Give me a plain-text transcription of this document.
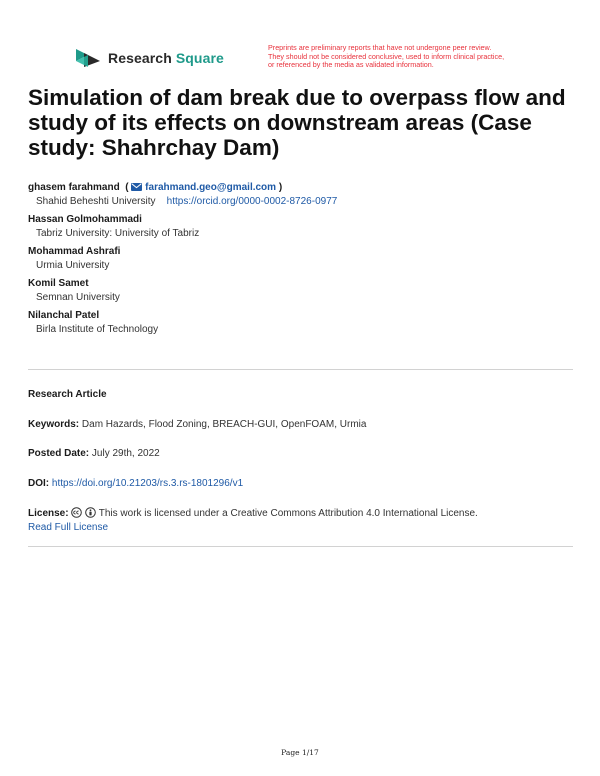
Research Square
Preprints are preliminary reports that have not undergone peer review.
They should not be considered conclusive, used to inform clinical practice,
or referenced by the media as validated information.
Simulation of dam break due to overpass flow and study of its effects on downstream areas (Case study: Shahrchay Dam)
ghasem farahmand ( farahmand.geo@gmail.com )
Shahid Beheshti University https://orcid.org/0000-0002-8726-0977
Hassan Golmohammadi
Tabriz University: University of Tabriz
Mohammad Ashrafi
Urmia University
Komil Samet
Semnan University
Nilanchal Patel
Birla Institute of Technology
Research Article
Keywords: Dam Hazards, Flood Zoning, BREACH-GUI, OpenFOAM, Urmia
Posted Date: July 29th, 2022
DOI: https://doi.org/10.21203/rs.3.rs-1801296/v1
License:	This work is licensed under a Creative Commons Attribution 4.0 International License.
Read Full License
Page 1/17
